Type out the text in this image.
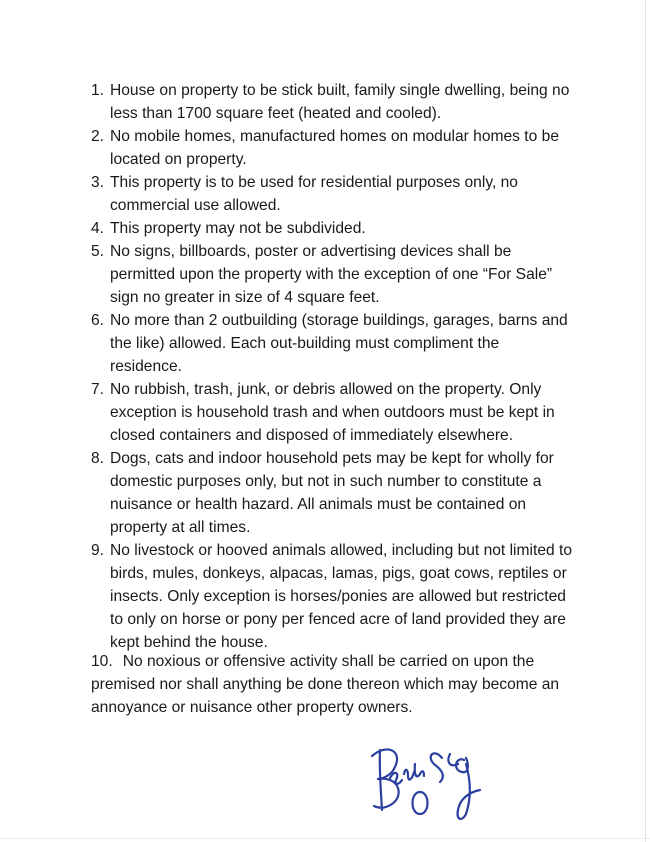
1. House on property to be stick built, family single dwelling, being no less than 1700 square feet (heated and cooled).

2. No mobile homes, manufactured homes on modular homes to be located on property.

3. This property is to be used for residential purposes only, no commercial use allowed.

4. This property may not be subdivided.

5. No signs, billboards, poster or advertising devices shall be permitted upon the property with the exception of one “For Sale” sign no greater in size of 4 square feet.

6. No more than 2 outbuilding (storage buildings, garages, barns and the like) allowed. Each out-building must compliment the residence.

7. No rubbish, trash, junk, or debris allowed on the property. Only exception is household trash and when outdoors must be kept in closed containers and disposed of immediately elsewhere.

8. Dogs, cats and indoor household pets may be kept for wholly for domestic purposes only, but not in such number to constitute a nuisance or health hazard. All animals must be contained on property at all times.

9. No livestock or hooved animals allowed, including but not limited to birds, mules, donkeys, alpacas, lamas, pigs, goat cows, reptiles or insects. Only exception is horses/ponies are allowed but restricted to only on horse or pony per fenced acre of land provided they are kept behind the house.

10. No noxious or offensive activity shall be carried on upon the premised nor shall anything be done thereon which may become an annoyance or nuisance other property owners.
